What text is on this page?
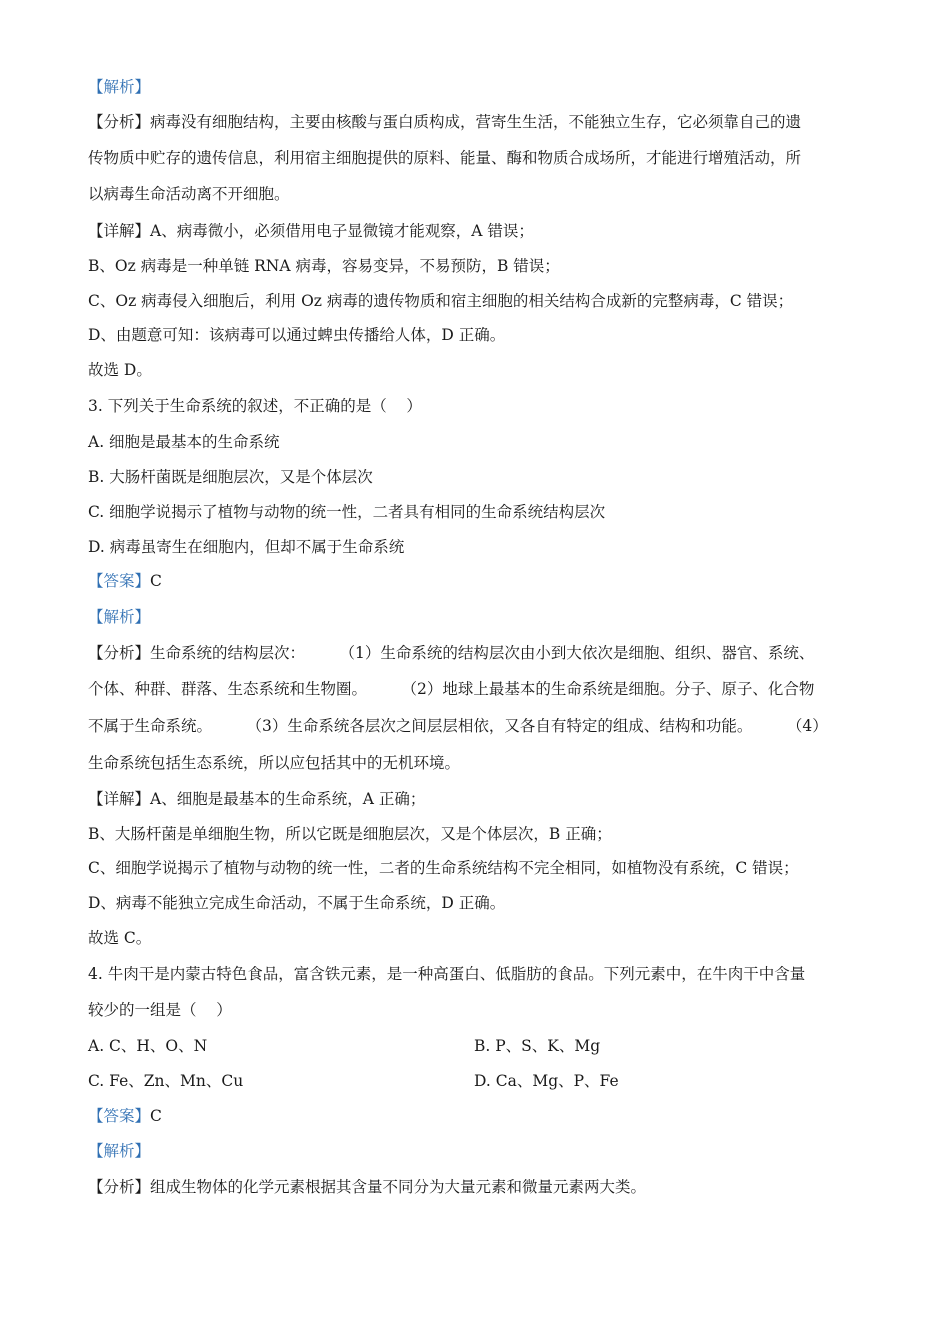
【解析】
【分析】病毒没有细胞结构，主要由核酸与蛋白质构成，营寄生生活，不能独立生存，它必须靠自己的遗
传物质中贮存的遗传信息，利用宿主细胞提供的原料、能量、酶和物质合成场所，才能进行增殖活动，所
以病毒生命活动离不开细胞。
【详解】A、病毒微小，必须借用电子显微镜才能观察，A 错误；
B、Oz 病毒是一种单链 RNA 病毒，容易变异，不易预防，B 错误；
C、Oz 病毒侵入细胞后，利用 Oz 病毒的遗传物质和宿主细胞的相关结构合成新的完整病毒，C 错误；
D、由题意可知：该病毒可以通过蜱虫传播给人体，D 正确。
故选 D。
3. 下列关于生命系统的叙述，不正确的是（    ）
A. 细胞是最基本的生命系统
B. 大肠杆菌既是细胞层次，又是个体层次
C. 细胞学说揭示了植物与动物的统一性，二者具有相同的生命系统结构层次
D. 病毒虽寄生在细胞内，但却不属于生命系统
【答案】C
【解析】
【分析】生命系统的结构层次：       （1）生命系统的结构层次由小到大依次是细胞、组织、器官、系统、
个体、种群、群落、生态系统和生物圈。       （2）地球上最基本的生命系统是细胞。分子、原子、化合物
不属于生命系统。       （3）生命系统各层次之间层层相依，又各自有特定的组成、结构和功能。       （4）
生命系统包括生态系统，所以应包括其中的无机环境。
【详解】A、细胞是最基本的生命系统，A 正确；
B、大肠杆菌是单细胞生物，所以它既是细胞层次，又是个体层次，B 正确；
C、细胞学说揭示了植物与动物的统一性，二者的生命系统结构不完全相同，如植物没有系统，C 错误；
D、病毒不能独立完成生命活动，不属于生命系统，D 正确。
故选 C。
4. 牛肉干是内蒙古特色食品，富含铁元素，是一种高蛋白、低脂肪的食品。下列元素中，在牛肉干中含量
较少的一组是（    ）
A. C、H、O、N	B. P、S、K、Mg
C. Fe、Zn、Mn、Cu	D. Ca、Mg、P、Fe
【答案】C
【解析】
【分析】组成生物体的化学元素根据其含量不同分为大量元素和微量元素两大类。
